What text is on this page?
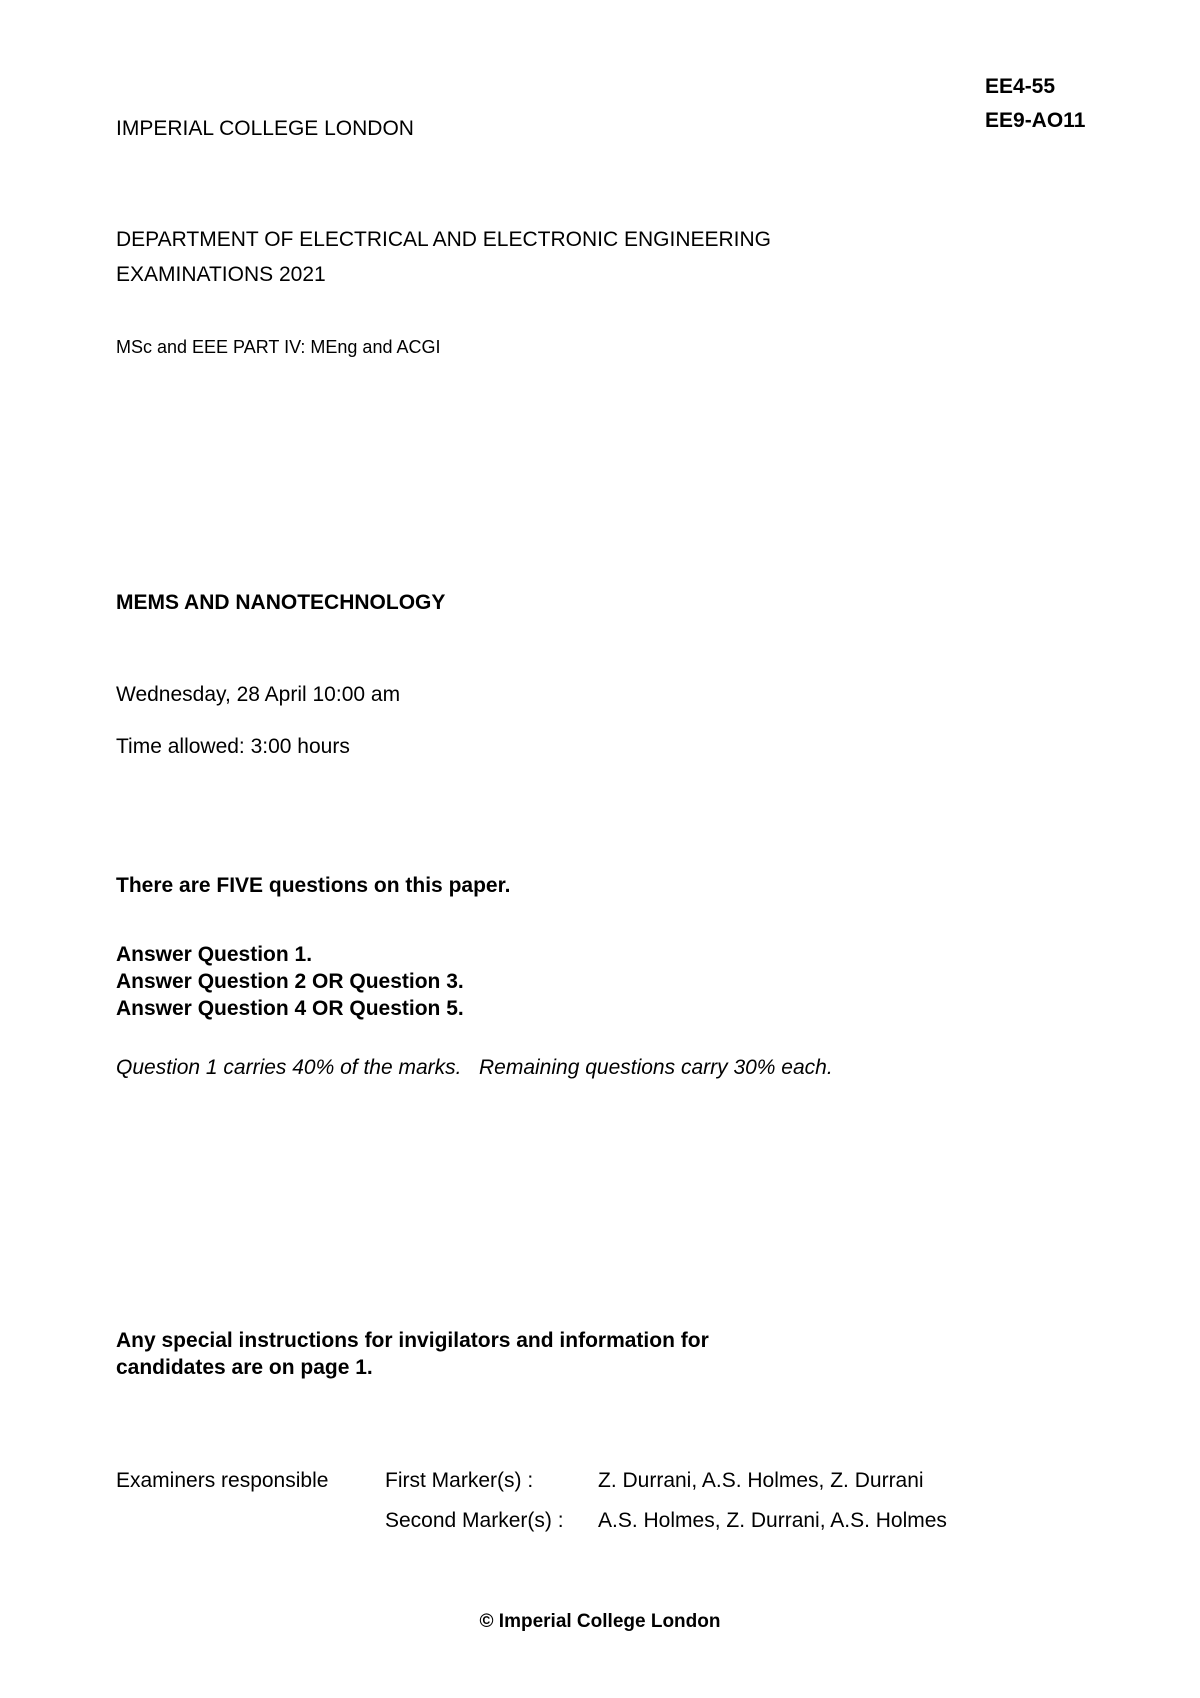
IMPERIAL COLLEGE LONDON
EE4-55
EE9-AO11
DEPARTMENT OF ELECTRICAL AND ELECTRONIC ENGINEERING
EXAMINATIONS 2021
MSc and EEE PART IV: MEng and ACGI
MEMS AND NANOTECHNOLOGY
Wednesday, 28 April 10:00 am
Time allowed: 3:00 hours
There are FIVE questions on this paper.
Answer Question 1.
Answer Question 2 OR Question 3.
Answer Question 4 OR Question 5.
Question 1 carries 40% of the marks.   Remaining questions carry 30% each.
Any special instructions for invigilators and information for
candidates are on page 1.
Examiners responsible	First Marker(s) :	Z. Durrani, A.S. Holmes, Z. Durrani
Second Marker(s) : A.S. Holmes, Z. Durrani, A.S. Holmes
© Imperial College London
